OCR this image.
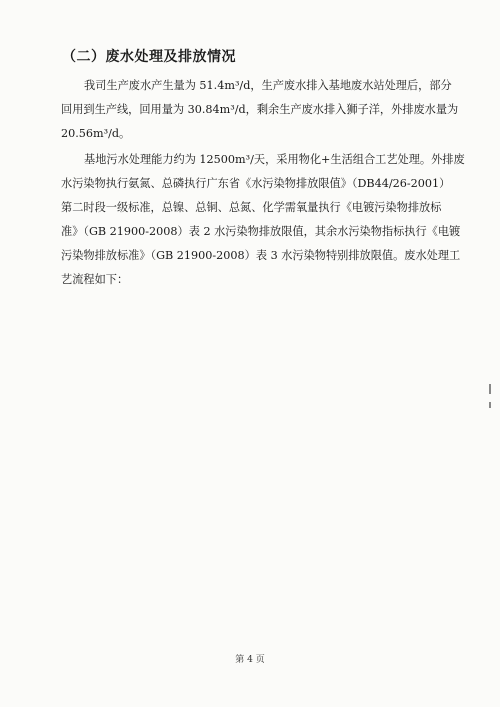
（二）废水处理及排放情况
我司生产废水产生量为 51.4m³/d，生产废水排入基地废水站处理后，部分
回用到生产线，回用量为 30.84m³/d，剩余生产废水排入狮子洋，外排废水量为
20.56m³/d。
基地污水处理能力约为 12500m³/天，采用物化+生活组合工艺处理。外排废
水污染物执行氨氮、总磷执行广东省《水污染物排放限值》（DB44/26-2001）
第二时段一级标准，总镍、总铜、总氮、化学需氧量执行《电镀污染物排放标
准》（GB 21900-2008）表 2 水污染物排放限值，其余水污染物指标执行《电镀
污染物排放标准》（GB 21900-2008）表 3 水污染物特别排放限值。废水处理工
艺流程如下：
第 4 页
